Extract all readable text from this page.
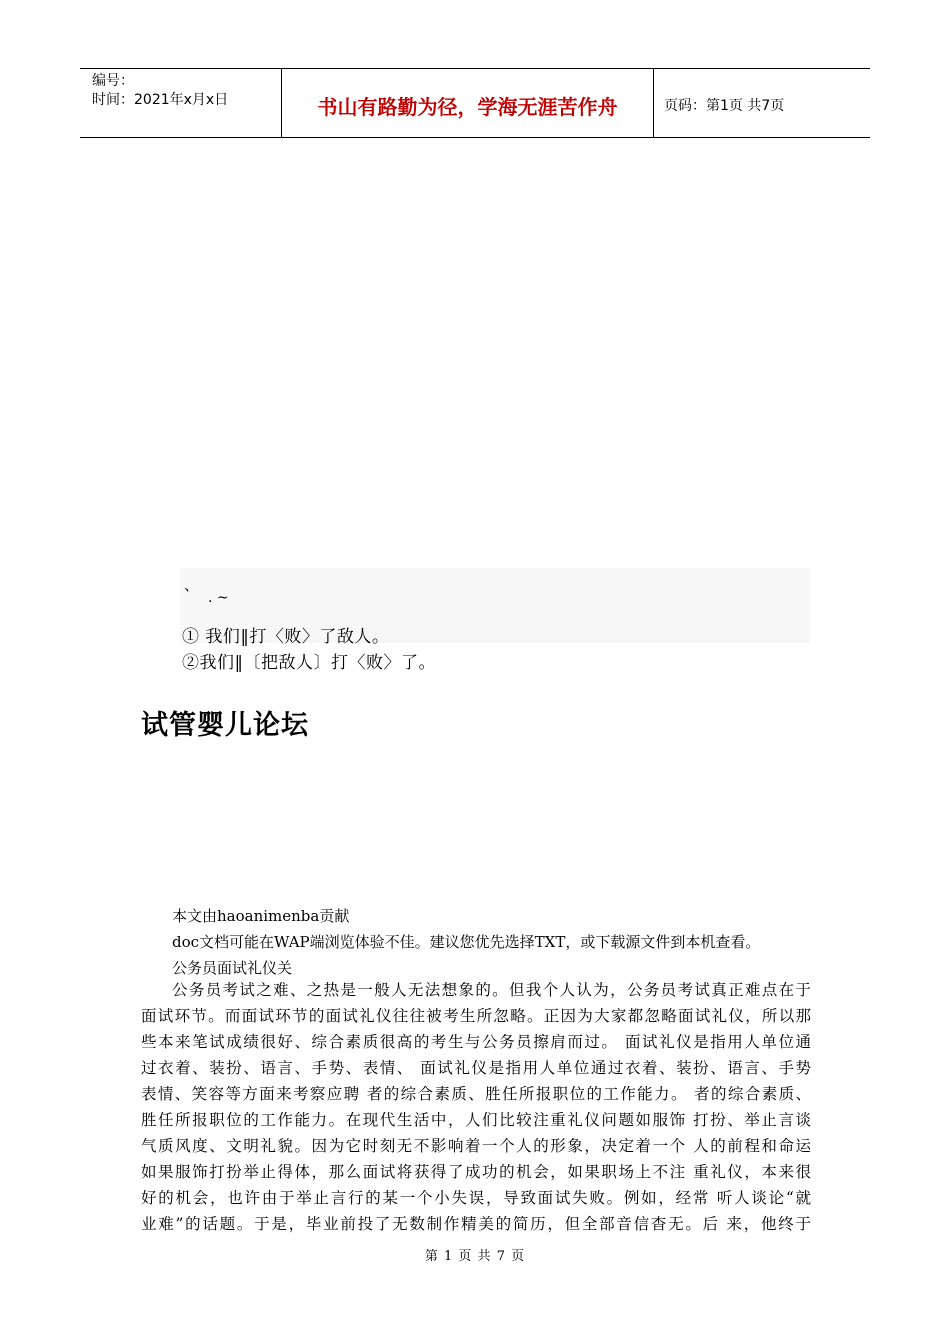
编号：
时间：2021年x月x日	书山有路勤为径，学海无涯苦作舟	页码：第1页 共7页
、
. ~
① 我们‖打〈败〉了敌人。
②我们‖〔把敌人〕打〈败〉了。
试管婴儿论坛
本文由haoanimenba贡献
doc文档可能在WAP端浏览体验不佳。建议您优先选择TXT，或下载源文件到本机查看。
公务员面试礼仪关
公务员考试之难、之热是一般人无法想象的。但我个人认为，公务员考试真正难点在于
面试环节。而面试环节的面试礼仪往往被考生所忽略。正因为大家都忽略面试礼仪，所以那
些本来笔试成绩很好、综合素质很高的考生与公务员擦肩而过。 面试礼仪是指用人单位通
过衣着、装扮、语言、手势、表情、 面试礼仪是指用人单位通过衣着、装扮、语言、手势
表情、笑容等方面来考察应聘 者的综合素质、胜任所报职位的工作能力。 者的综合素质、
胜任所报职位的工作能力。在现代生活中，人们比较注重礼仪问题如服饰 打扮、举止言谈
气质风度、文明礼貌。因为它时刻无不影响着一个人的形象，决定着一个 人的前程和命运
如果服饰打扮举止得体，那么面试将获得了成功的机会，如果职场上不注 重礼仪，本来很
好的机会，也许由于举止言行的某一个小失误，导致面试失败。例如，经常 听人谈论“就
业难”的话题。于是，毕业前投了无数制作精美的简历，但全部音信杳无。后 来，他终于
第 1 页 共 7 页
